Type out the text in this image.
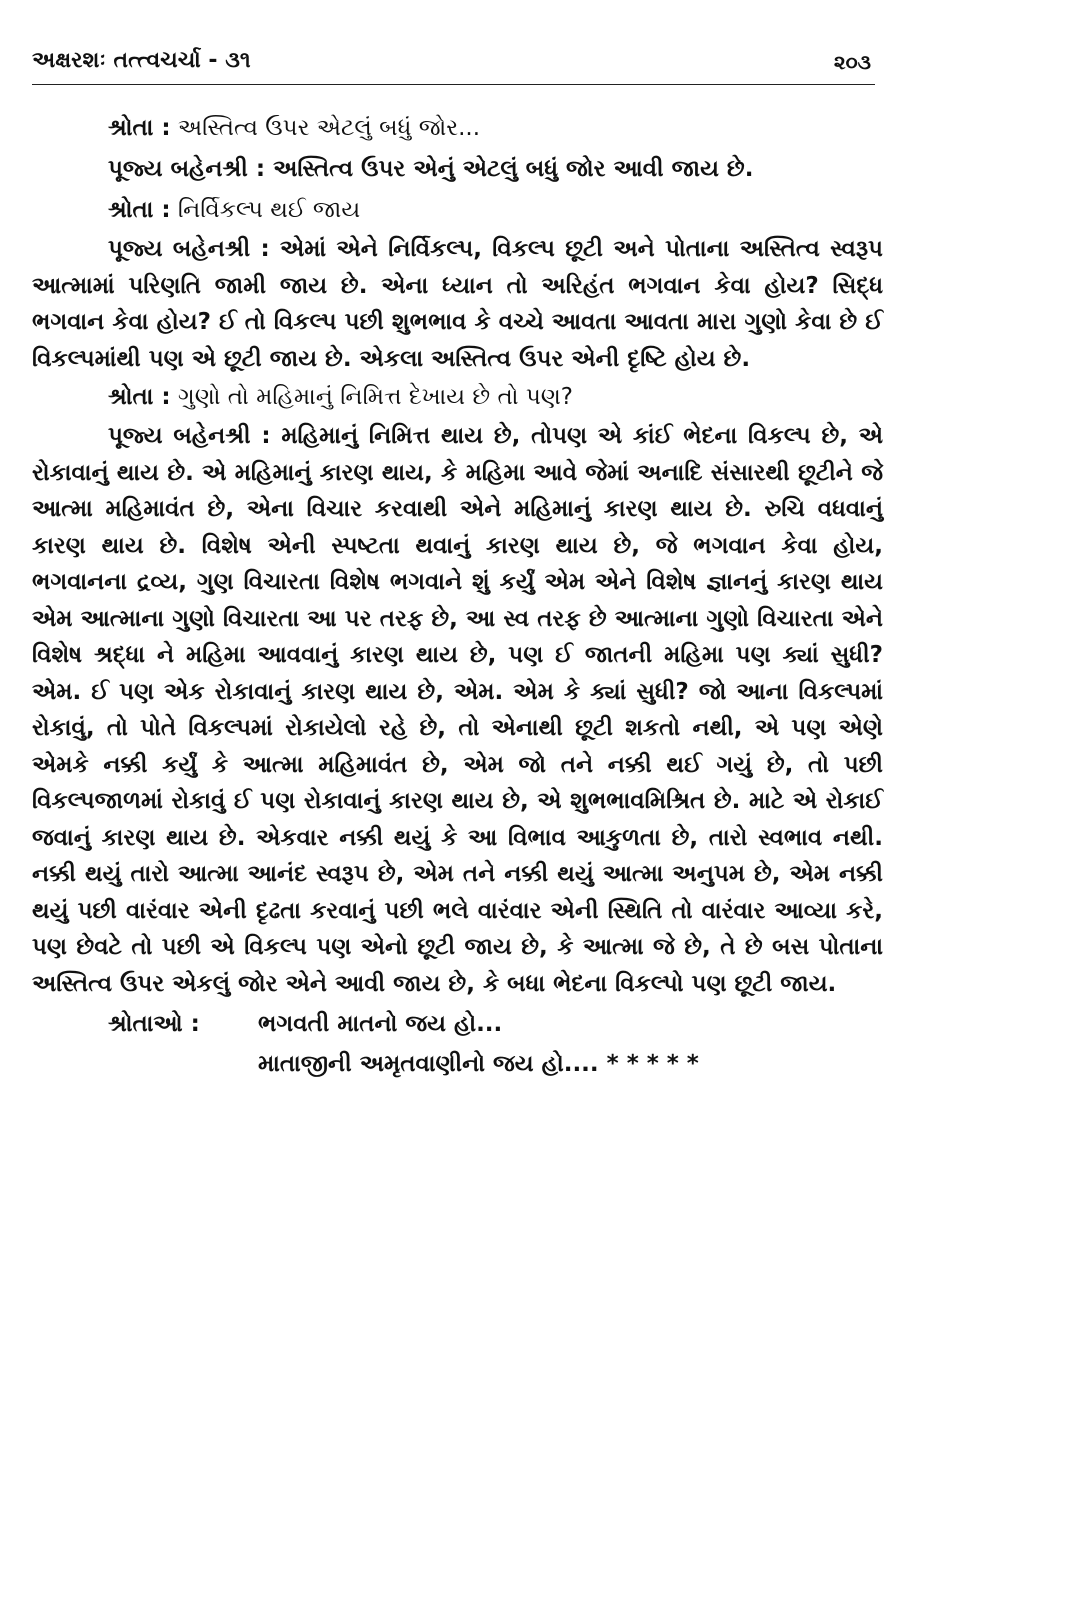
અક્ષરશઃ તત્ત્વચર્ચા - ૩૧	૨૦૩

શ્રોતા : અસ્તિત્વ ઉપર એટલું બધું જોર...

પૂજ્ય બહેનશ્રી : અસ્તિત્વ ઉપર એનું એટલું બધું જોર આવી જાય છે.

શ્રોતા : નિર્વિકલ્પ થઈ જાય

પૂજ્ય બહેનશ્રી : એમાં એને નિર્વિકલ્પ, વિકલ્પ છૂટી અને પોતાના અસ્તિત્વ સ્વરૂપ આત્મામાં પરિણતિ જામી જાય છે. એના ધ્યાન તો અરિહંત ભગવાન કેવા હોય? સિદ્ધ ભગવાન કેવા હોય? ઈ તો વિકલ્પ પછી શુભભાવ કે વચ્ચે આવતા આવતા મારા ગુણો કેવા છે ઈ વિકલ્પમાંથી પણ એ છૂટી જાય છે. એકલા અસ્તિત્વ ઉપર એની દૃષ્ટિ હોય છે.

શ્રોતા : ગુણો તો મહિમાનું નિમિત્ત દેખાય છે તો પણ?

પૂજ્ય બહેનશ્રી : મહિમાનું નિમિત્ત થાય છે, તોપણ એ કાંઈ ભેદના વિકલ્પ છે, એ રોકાવાનું થાય છે. એ મહિમાનું કારણ થાય, કે મહિમા આવે જેમાં અનાદિ સંસારથી છૂટીને જે આત્મા મહિમાવંત છે, એના વિચાર કરવાથી એને મહિમાનું કારણ થાય છે. રુચિ વધવાનું કારણ થાય છે. વિશેષ એની સ્પષ્ટતા થવાનું કારણ થાય છે, જે ભગવાન કેવા હોય, ભગવાનના દ્રવ્ય, ગુણ વિચારતા વિશેષ ભગવાને શું કર્યું એમ એને વિશેષ જ્ઞાનનું કારણ થાય એમ આત્માના ગુણો વિચારતા આ પર તરફ છે, આ સ્વ તરફ છે આત્માના ગુણો વિચારતા એને વિશેષ શ્રદ્ધા ને મહિમા આવવાનું કારણ થાય છે, પણ ઈ જાતની મહિમા પણ ક્યાં સુધી? એમ. ઈ પણ એક રોકાવાનું કારણ થાય છે, એમ. એમ કે ક્યાં સુધી? જો આના વિકલ્પમાં રોકાવું, તો પોતે વિકલ્પમાં રોકાયેલો રહે છે, તો એનાથી છૂટી શકતો નથી, એ પણ એણે એમકે નક્કી કર્યું કે આત્મા મહિમાવંત છે, એમ જો તને નક્કી થઈ ગયું છે, તો પછી વિકલ્પજાળમાં રોકાવું ઈ પણ રોકાવાનું કારણ થાય છે, એ શુભભાવમિશ્રિત છે. માટે એ રોકાઈ જવાનું કારણ થાય છે. એકવાર નક્કી થયું કે આ વિભાવ આકુળતા છે, તારો સ્વભાવ નથી. નક્કી થયું તારો આત્મા આનંદ સ્વરૂપ છે, એમ તને નક્કી થયું આત્મા અનુપમ છે, એમ નક્કી થયું પછી વારંવાર એની દૃઢતા કરવાનું પછી ભલે વારંવાર એની સ્થિતિ તો વારંવાર આવ્યા કરે, પણ છેવટે તો પછી એ વિકલ્પ પણ એનો છૂટી જાય છે, કે આત્મા જે છે, તે છે બસ પોતાના અસ્તિત્વ ઉપર એકલું જોર એને આવી જાય છે, કે બધા ભેદના વિકલ્પો પણ છૂટી જાય.

શ્રોતાઓ :	ભગવતી માતનો જય હો...
માતાજીની અમૃતવાણીનો જય હો.... * * * * *
